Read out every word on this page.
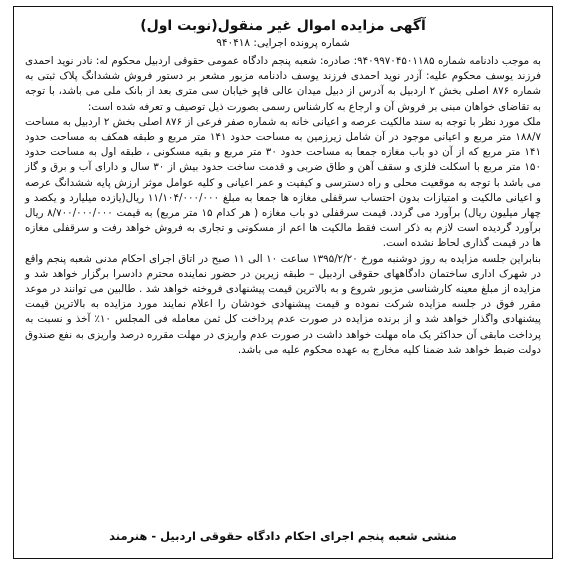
آگهی مزایده اموال غیر منقول(نوبت اول)
شماره پرونده اجرایی: ۹۴۰۴۱۸

به موجب دادنامه شماره ۹۴۰۹۹۷۰۴۵۰۱۱۸۵: صادره: شعبه پنجم دادگاه عمومی حقوقی اردبیل محکوم له: نادر نوید احمدی فرزند یوسف محکوم علیه: آزدر نوید احمدی فرزند یوسف دادنامه مزبور مشعر بر دستور فروش ششدانگ پلاک ثبتی به شماره ۸۷۶ اصلی بخش ۲ اردبیل به آدرس از دبیل میدان عالی قاپو خیابان سی متری بعد از بانک ملی می باشد، با توجه به تقاضای خواهان مبنی بر فروش آن و ارجاع به کارشناس رسمی بصورت ذیل توصیف و تعرفه شده است:

ملک مورد نظر با توجه به سند مالکیت عرصه و اعیانی خانه به شماره صفر فرعی از ۸۷۶ اصلی بخش ۲ اردبیل به مساحت ۱۸۸/۷ متر مربع و اعیانی موجود در آن شامل زیرزمین به مساحت حدود ۱۴۱ متر مربع و طبقه همکف به مساحت حدود ۱۴۱ متر مربع که از آن دو باب مغازه جمعا به مساحت حدود ۳۰ متر مربع و بقیه مسکونی ، طبقه اول به مساحت حدود ۱۵۰ متر مربع با اسکلت فلزی و سقف آهن و طاق ضربی و قدمت ساخت حدود بیش از ۳۰ سال و دارای آب و برق و گاز می باشد با توجه به موقعیت محلی و راه دسترسی و کیفیت و عمر اعیانی و کلیه عوامل موثر ارزش پایه ششدانگ عرصه و اعیانی مالکیت و امتیازات بدون احتساب سرقفلی مغازه ها جمعا به مبلغ ۱۱/۱۰۴/۰۰۰/۰۰۰ ریال(یازده میلیارد و یکصد و چهار میلیون ریال) برآورد می گردد. قیمت سرقفلی دو باب مغازه ( هر کدام ۱۵ متر مربع) به قیمت ۸/۷۰۰/۰۰۰/۰۰۰ ریال برآورد گردیده است لازم به ذکر است فقط مالکیت ها اعم از مسکونی و تجاری به فروش خواهد رفت و سرقفلی مغازه ها در قیمت گذاری لحاظ نشده است.

بنابراین جلسه مزایده به روز دوشنبه مورخ ۱۳۹۵/۲/۲۰ ساعت ۱۰ الی ۱۱ صبح در اتاق اجرای احکام مدنی شعبه پنجم واقع در شهرک اداری ساختمان دادگاههای حقوقی اردبیل – طبقه زیرین در حضور نماینده محترم دادسرا برگزار خواهد شد و مزایده از مبلغ معینه کارشناسی مزبور شروع و به بالاترین قیمت پیشنهادی فروخته خواهد شد . طالبین می توانند در موعد مقرر فوق در جلسه مزایده شرکت نموده و قیمت پیشنهادی خودشان را اعلام نمایند مورد مزایده به بالاترین قیمت پیشنهادی واگذار خواهد شد و از برنده مزایده در صورت عدم پرداخت کل ثمن معامله فی المجلس ۱۰٪ آخذ و نسبت به پرداخت مابقی آن حداکثر یک ماه مهلت خواهد داشت در صورت عدم واریزی در مهلت مقرره درصد واریزی به نفع صندوق دولت ضبط خواهد شد ضمنا کلیه مخارج به عهده محکوم علیه می باشد.

منشی شعبه پنجم اجرای احکام دادگاه حقوقی اردبیل - هنرمند
